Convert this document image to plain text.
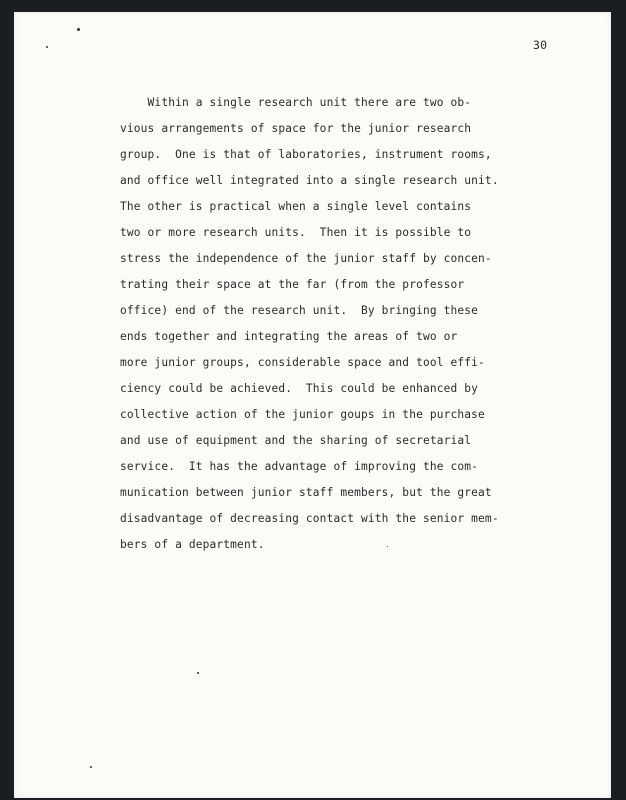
30
Within a single research unit there are two ob-
vious arrangements of space for the junior research
group.  One is that of laboratories, instrument rooms,
and office well integrated into a single research unit.
The other is practical when a single level contains
two or more research units.  Then it is possible to
stress the independence of the junior staff by concen-
trating their space at the far (from the professor
office) end of the research unit.  By bringing these
ends together and integrating the areas of two or
more junior groups, considerable space and tool effi-
ciency could be achieved.  This could be enhanced by
collective action of the junior goups in the purchase
and use of equipment and the sharing of secretarial
service.  It has the advantage of improving the com-
munication between junior staff members, but the great
disadvantage of decreasing contact with the senior mem-
bers of a department.
